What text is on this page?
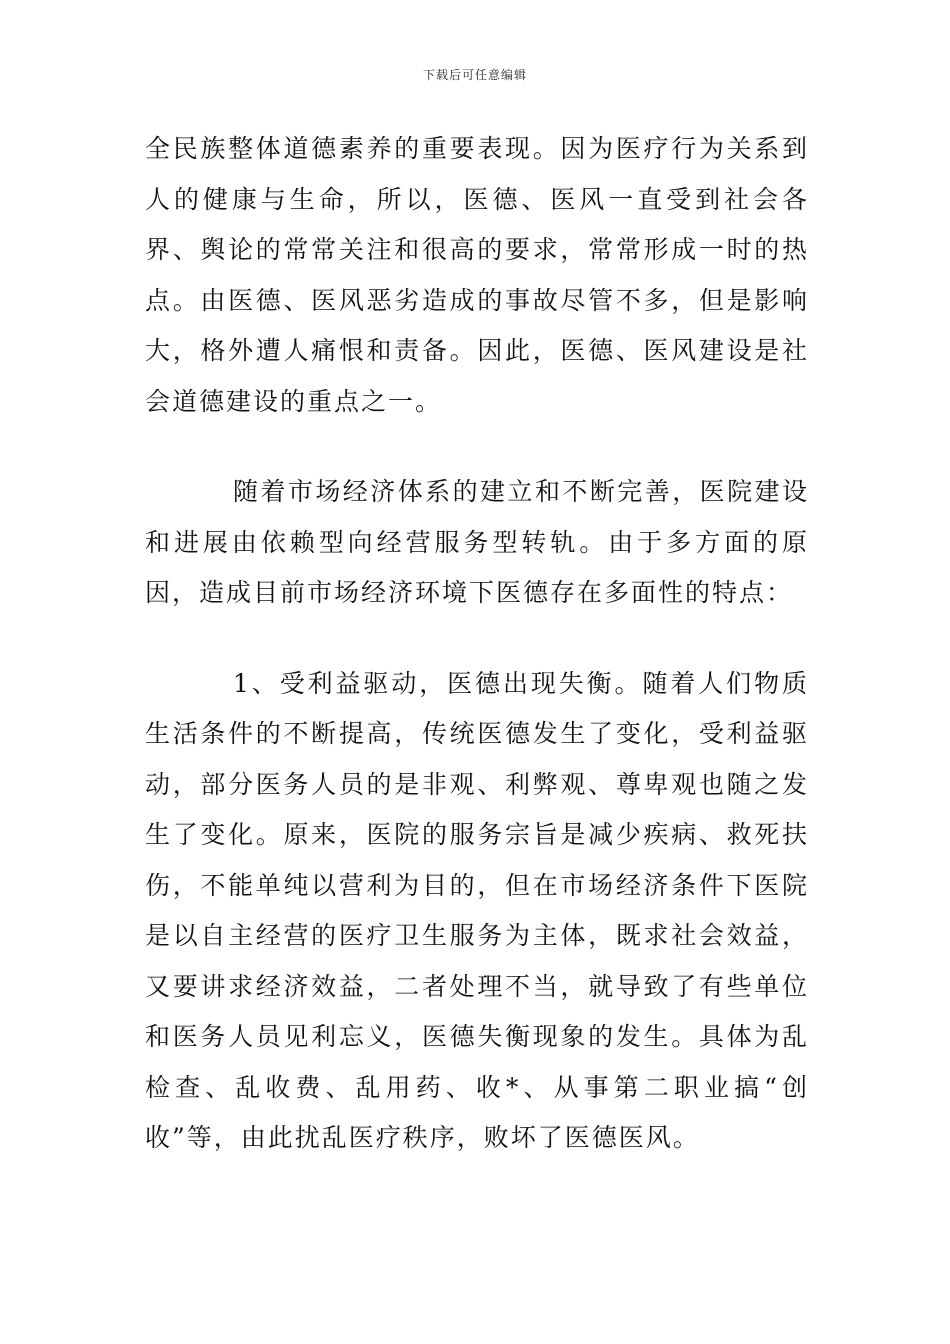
下载后可任意编辑

全民族整体道德素养的重要表现。因为医疗行为关系到人的健康与生命，所以，医德、医风一直受到社会各界、舆论的常常关注和很高的要求，常常形成一时的热点。由医德、医风恶劣造成的事故尽管不多，但是影响大，格外遭人痛恨和责备。因此，医德、医风建设是社会道德建设的重点之一。

随着市场经济体系的建立和不断完善，医院建设和进展由依赖型向经营服务型转轨。由于多方面的原因，造成目前市场经济环境下医德存在多面性的特点：

1、受利益驱动，医德出现失衡。随着人们物质生活条件的不断提高，传统医德发生了变化，受利益驱动，部分医务人员的是非观、利弊观、尊卑观也随之发生了变化。原来，医院的服务宗旨是减少疾病、救死扶伤，不能单纯以营利为目的，但在市场经济条件下医院是以自主经营的医疗卫生服务为主体，既求社会效益，又要讲求经济效益，二者处理不当，就导致了有些单位和医务人员见利忘义，医德失衡现象的发生。具体为乱检查、乱收费、乱用药、收*、从事第二职业搞“创收”等，由此扰乱医疗秩序，败坏了医德医风。
